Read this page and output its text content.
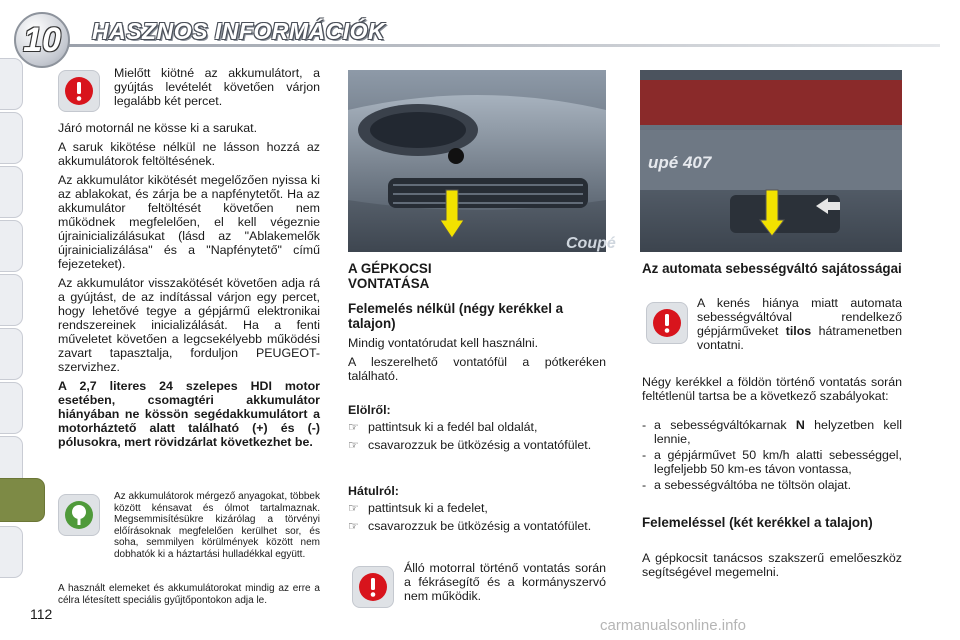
10 HASZNOS INFORMÁCIÓK
Mielőtt kiötné az akkumulátort, a gyújtás levételét követően várjon legalább két percet.

Járó motornál ne kösse ki a sarukat.

A saruk kikötése nélkül ne lásson hozzá az akkumulátorok feltöltésének.

Az akkumulátor kikötését megelőzően nyissa ki az ablakokat, és zárja be a napfénytetőt. Ha az akkumulátor feltöltését követően nem működnek megfelelően, el kell végeznie újrainicializálásukat (lásd az "Ablakemelők újrainicializálása" és a "Napfénytető" című fejezeteket).

Az akkumulátor visszakötését követően adja rá a gyújtást, de az indítással várjon egy percet, hogy lehetővé tegye a gépjármű elektronikai rendszereinek inicializálását. Ha a fenti műveletet követően a legcsekélyebb működési zavart tapasztalja, forduljon PEUGEOT-szervizhez.

A 2,7 literes 24 szelepes HDI motor esetében, csomagtéri akkumulátor hiányában ne kössön segédakkumulátort a motorháztető alatt található (+) és (-) pólusokra, mert rövidzárlat következhet be.

Az akkumulátorok mérgező anyagokat, többek között kénsavat és ólmot tartalmaznak. Megsemmisítésükre kizárólag a törvényi előírásoknak megfelelően kerülhet sor, és soha, semmilyen körülmények között nem dobhatók ki a háztartási hulladékkal együtt.
A használt elemeket és akkumulátorokat mindig az erre a célra létesített speciális gyűjtőpontokon adja le.
112
Coupé
upé 407
A GÉPKOCSI VONTATÁSA
Felemelés nélkül (négy kerékkel a talajon)

Mindig vontatórudat kell használni.

A leszerelhető vontatófül a pótkeréken található.

Elölről:
☞ pattintsuk ki a fedél bal oldalát,
☞ csavarozzuk be ütközésig a vontatófület.
Hátulról:
☞ pattintsuk ki a fedelet,
☞ csavarozzuk be ütközésig a vontatófület.
Álló motorral történő vontatás során a fékrásegítő és a kormányszervó nem működik.
Az automata sebességváltó sajátosságai
A kenés hiánya miatt automata sebességváltóval rendelkező gépjárműveket tilos hátramenetben vontatni.
Négy kerékkel a földön történő vontatás során feltétlenül tartsa be a következő szabályokat:
- a sebességváltókarnak N helyzetben kell lennie,
- a gépjárművet 50 km/h alatti sebességgel, legfeljebb 50 km-es távon vontassa,
- a sebességváltóba ne töltsön olajat.
Felemeléssel (két kerékkel a talajon)
A gépkocsit tanácsos szakszerű emelőeszköz segítségével megemelni.
carmanualsonline.info
